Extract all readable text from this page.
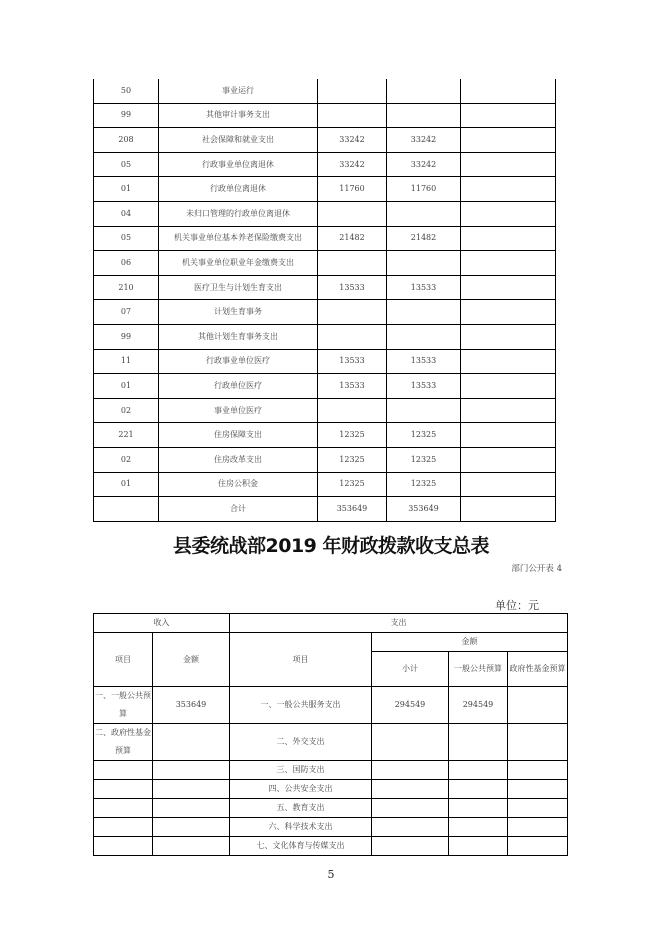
50	事业运行			
99	其他审计事务支出			
208	社会保障和就业支出	33242	33242	
05	行政事业单位离退休	33242	33242	
01	行政单位离退休	11760	11760	
04	未归口管理的行政单位离退休			
05	机关事业单位基本养老保险缴费支出	21482	21482	
06	机关事业单位职业年金缴费支出			
210	医疗卫生与计划生育支出	13533	13533	
07	计划生育事务			
99	其他计划生育事务支出			
11	行政事业单位医疗	13533	13533	
01	行政单位医疗	13533	13533	
02	事业单位医疗			
221	住房保障支出	12325	12325	
02	住房改革支出	12325	12325	
01	住房公积金	12325	12325	
	合计	353649	353649	
县委统战部2019 年财政拨款收支总表
部门公开表 4
单位：元
收入		支出			
项目	金额	项目	金额		
			小计	一般公共预算	政府性基金预算
一、一般公共预算	353649	一、一般公共服务支出	294549	294549	
二、政府性基金预算		二、外交支出			
		三、国防支出			
		四、公共安全支出			
		五、教育支出			
		六、科学技术支出			
		七、文化体育与传媒支出			
5
